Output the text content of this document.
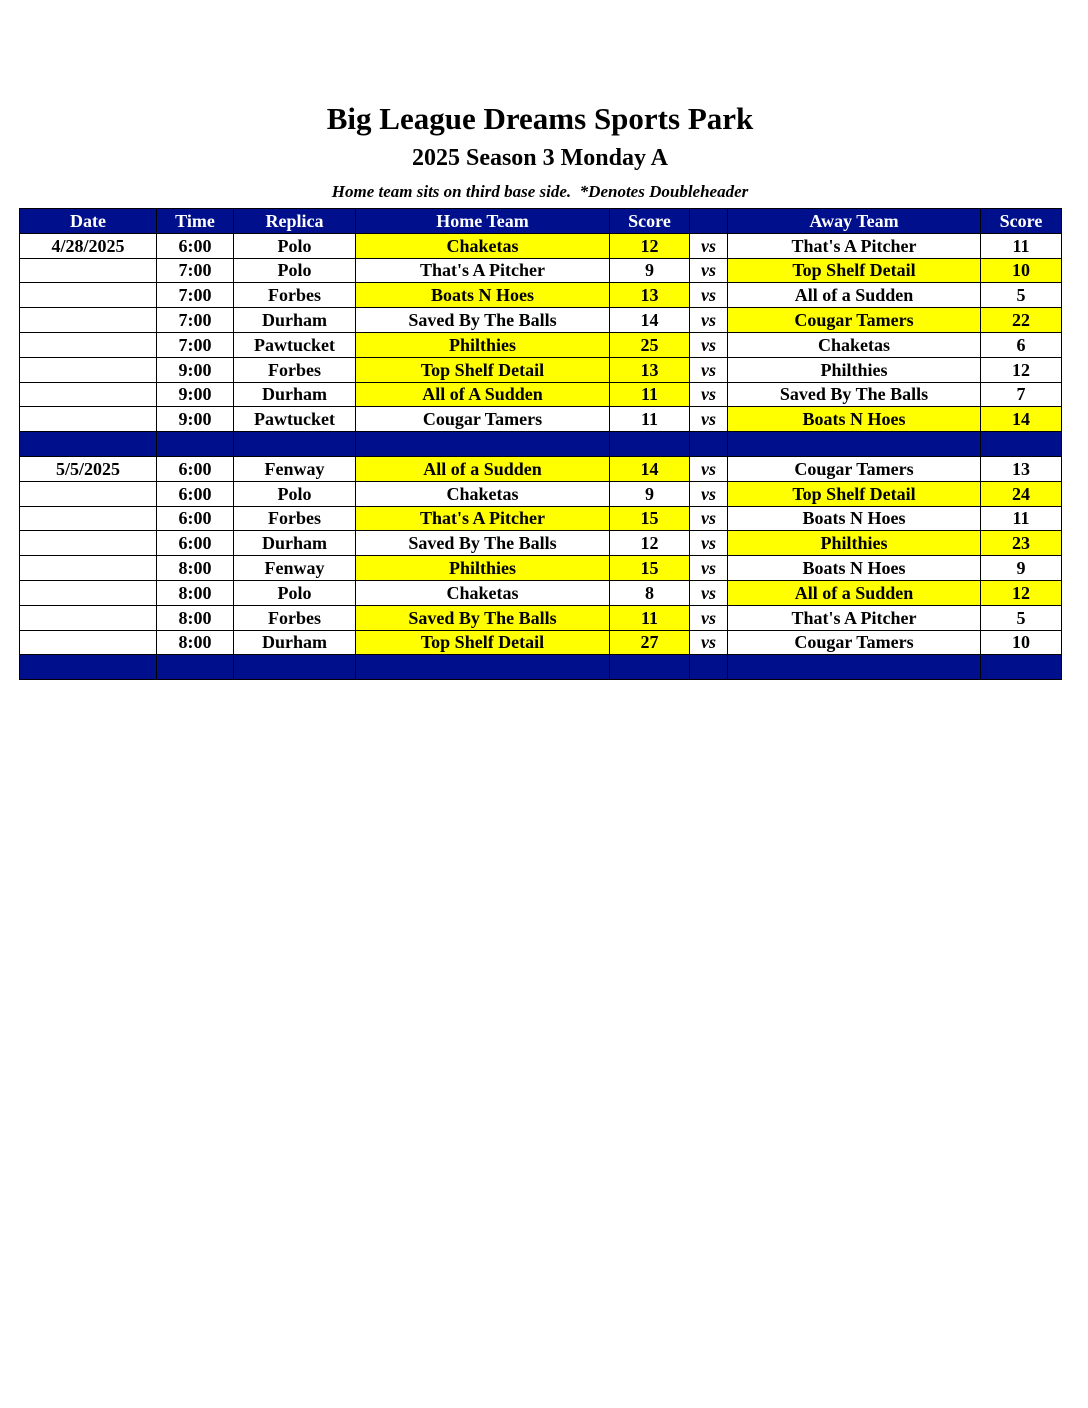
Big League Dreams Sports Park
2025 Season 3 Monday A
Home team sits on third base side.  *Denotes Doubleheader
Date	Time	Replica	Home Team	Score		Away Team	Score
4/28/2025	6:00	Polo	Chaketas	12	vs	That's A Pitcher	11
	7:00	Polo	That's A Pitcher	9	vs	Top Shelf Detail	10
	7:00	Forbes	Boats N Hoes	13	vs	All of a Sudden	5
	7:00	Durham	Saved By The Balls	14	vs	Cougar Tamers	22
	7:00	Pawtucket	Philthies	25	vs	Chaketas	6
	9:00	Forbes	Top Shelf Detail	13	vs	Philthies	12
	9:00	Durham	All of A Sudden	11	vs	Saved By The Balls	7
	9:00	Pawtucket	Cougar Tamers	11	vs	Boats N Hoes	14

5/5/2025	6:00	Fenway	All of a Sudden	14	vs	Cougar Tamers	13
	6:00	Polo	Chaketas	9	vs	Top Shelf Detail	24
	6:00	Forbes	That's A Pitcher	15	vs	Boats N Hoes	11
	6:00	Durham	Saved By The Balls	12	vs	Philthies	23
	8:00	Fenway	Philthies	15	vs	Boats N Hoes	9
	8:00	Polo	Chaketas	8	vs	All of a Sudden	12
	8:00	Forbes	Saved By The Balls	11	vs	That's A Pitcher	5
	8:00	Durham	Top Shelf Detail	27	vs	Cougar Tamers	10
